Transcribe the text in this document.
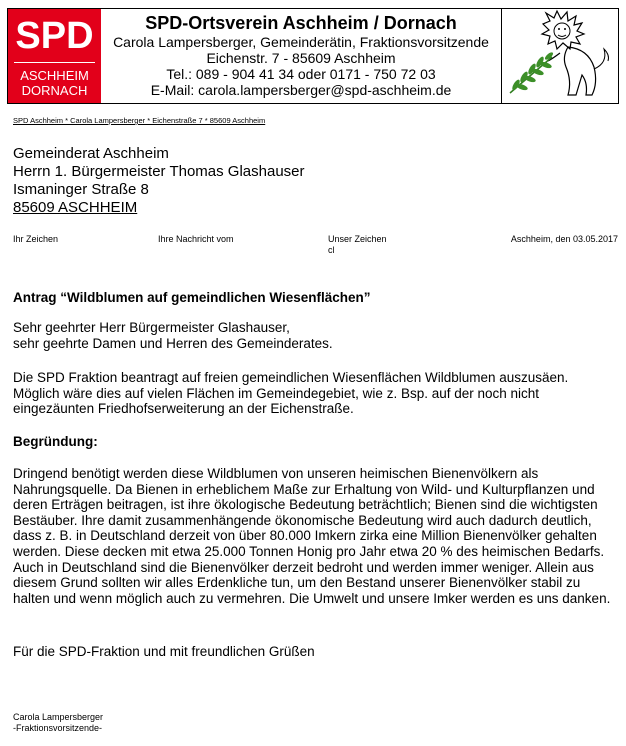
SPD
ASCHHEIM
DORNACH
SPD-Ortsverein Aschheim / Dornach
Carola Lampersberger, Gemeinderätin, Fraktionsvorsitzende
Eichenstr. 7 - 85609 Aschheim
Tel.: 089 - 904 41 34 oder 0171 - 750 72 03
E-Mail: carola.lampersberger@spd-aschheim.de
SPD Aschheim * Carola Lampersberger * Eichenstraße 7 * 85609 Aschheim
Gemeinderat Aschheim
Herrn 1. Bürgermeister Thomas Glashauser
Ismaninger Straße 8
85609 ASCHHEIM
Ihr Zeichen	Ihre Nachricht vom	Unser Zeichen
cl
Aschheim, den 03.05.2017
Antrag “Wildblumen auf gemeindlichen Wiesenflächen”
Sehr geehrter Herr Bürgermeister Glashauser,
sehr geehrte Damen und Herren des Gemeinderates.
Die SPD Fraktion beantragt auf freien gemeindlichen Wiesenflächen Wildblumen auszusäen. Möglich wäre dies auf vielen Flächen im Gemeindegebiet, wie z. Bsp. auf der noch nicht eingezäunten Friedhofserweiterung an der Eichenstraße.
Begründung:
Dringend benötigt werden diese Wildblumen von unseren heimischen Bienenvölkern als Nahrungsquelle. Da Bienen in erheblichem Maße zur Erhaltung von Wild- und Kulturpflanzen und deren Erträgen beitragen, ist ihre ökologische Bedeutung beträchtlich; Bienen sind die wichtigsten Bestäuber. Ihre damit zusammenhängende ökonomische Bedeutung wird auch dadurch deutlich, dass z. B. in Deutschland derzeit von über 80.000 Imkern zirka eine Million Bienenvölker gehalten werden. Diese decken mit etwa 25.000 Tonnen Honig pro Jahr etwa 20 % des heimischen Bedarfs. Auch in Deutschland sind die Bienenvölker derzeit bedroht und werden immer weniger. Allein aus diesem Grund sollten wir alles Erdenkliche tun, um den Bestand unserer Bienenvölker stabil zu halten und wenn möglich auch zu vermehren. Die Umwelt und unsere Imker werden es uns danken.
Für die SPD-Fraktion und mit freundlichen Grüßen
Carola Lampersberger
-Fraktionsvorsitzende-
